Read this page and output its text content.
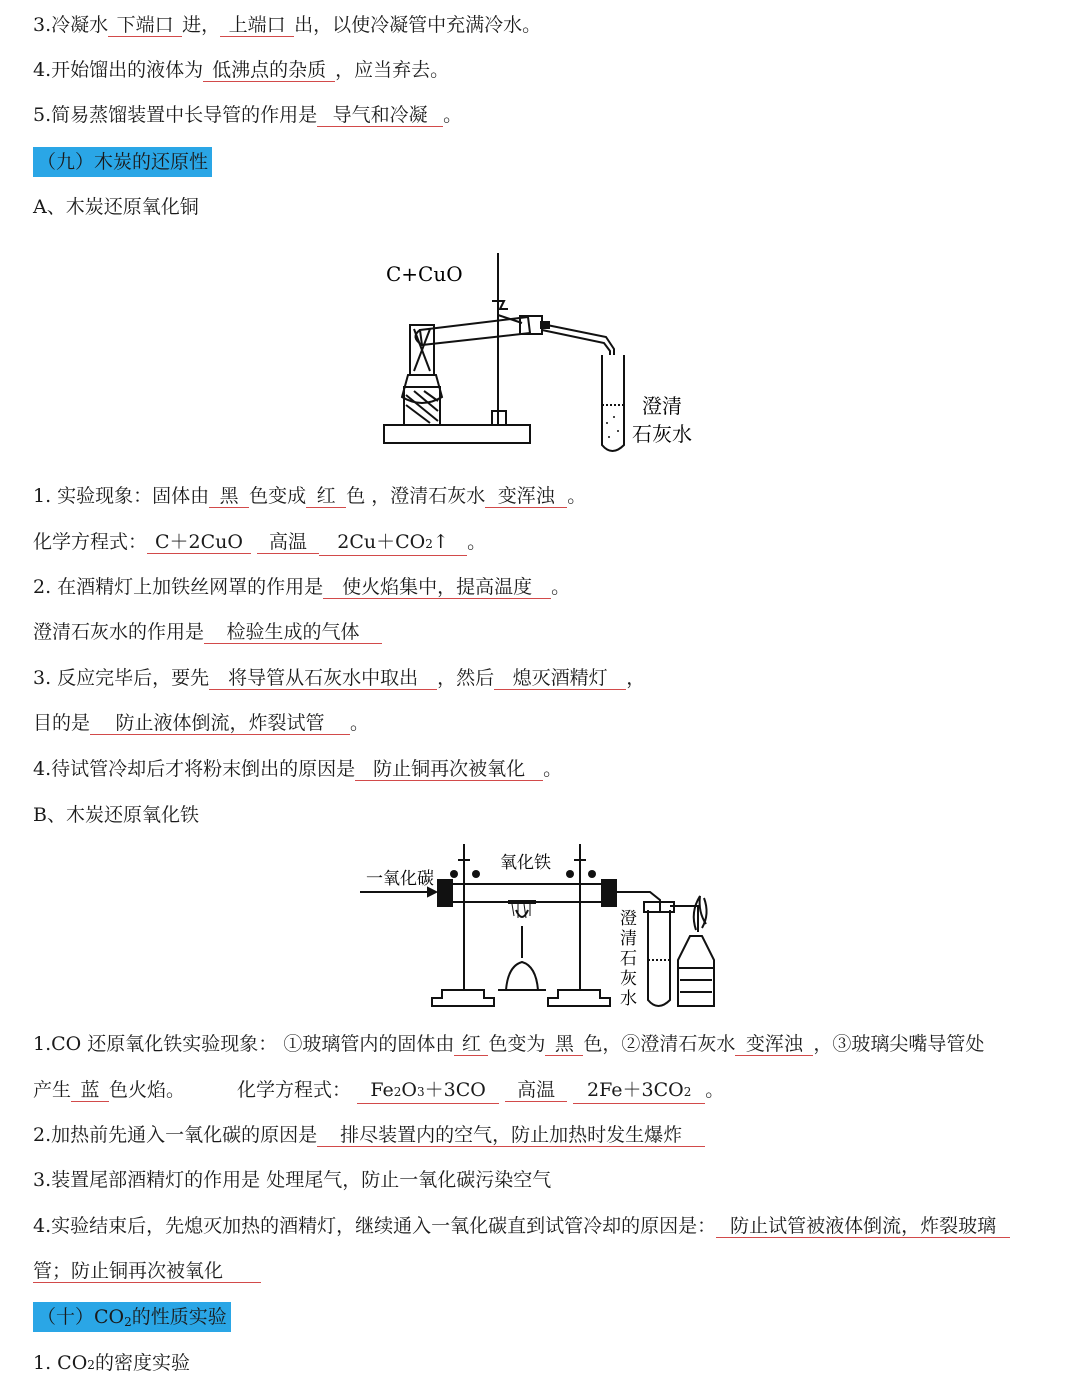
3.冷凝水 下端口 进， 上端口 出，以使冷凝管中充满冷水。
4.开始馏出的液体为 低沸点的杂质 ，应当弃去。
5.简易蒸馏装置中长导管的作用是 导气和冷凝 。
（九）木炭的还原性
A、木炭还原氧化铜
C+CuO
澄清
石灰水
1. 实验现象：固体由 黑 色变成 红 色 ，澄清石灰水 变浑浊 。
化学方程式： C＋2CuO 高温 2Cu＋CO2↑ 。
2. 在酒精灯上加铁丝网罩的作用是 使火焰集中，提高温度 。
澄清石灰水的作用是 检验生成的气体
3. 反应完毕后，要先 将导管从石灰水中取出 ，然后 熄灭酒精灯 ，
目的是 防止液体倒流，炸裂试管 。
4.待试管冷却后才将粉末倒出的原因是 防止铜再次被氧化 。
B、木炭还原氧化铁
一氧化碳
氧化铁
澄
清
石
灰
水
1.CO 还原氧化铁实验现象： ①玻璃管内的固体由 红 色变为 黑 色，②澄清石灰水 变浑浊 ，③玻璃尖嘴导管处
产生 蓝 色火焰。	化学方程式： Fe2O3＋3CO 高温 2Fe＋3CO2 。
2.加热前先通入一氧化碳的原因是 排尽装置内的空气，防止加热时发生爆炸
3.装置尾部酒精灯的作用是 处理尾气，防止一氧化碳污染空气
4.实验结束后，先熄灭加热的酒精灯，继续通入一氧化碳直到试管冷却的原因是： 防止试管被液体倒流，炸裂玻璃
管；防止铜再次被氧化
（十）$CO_2$的性质实验
1. CO2的密度实验
